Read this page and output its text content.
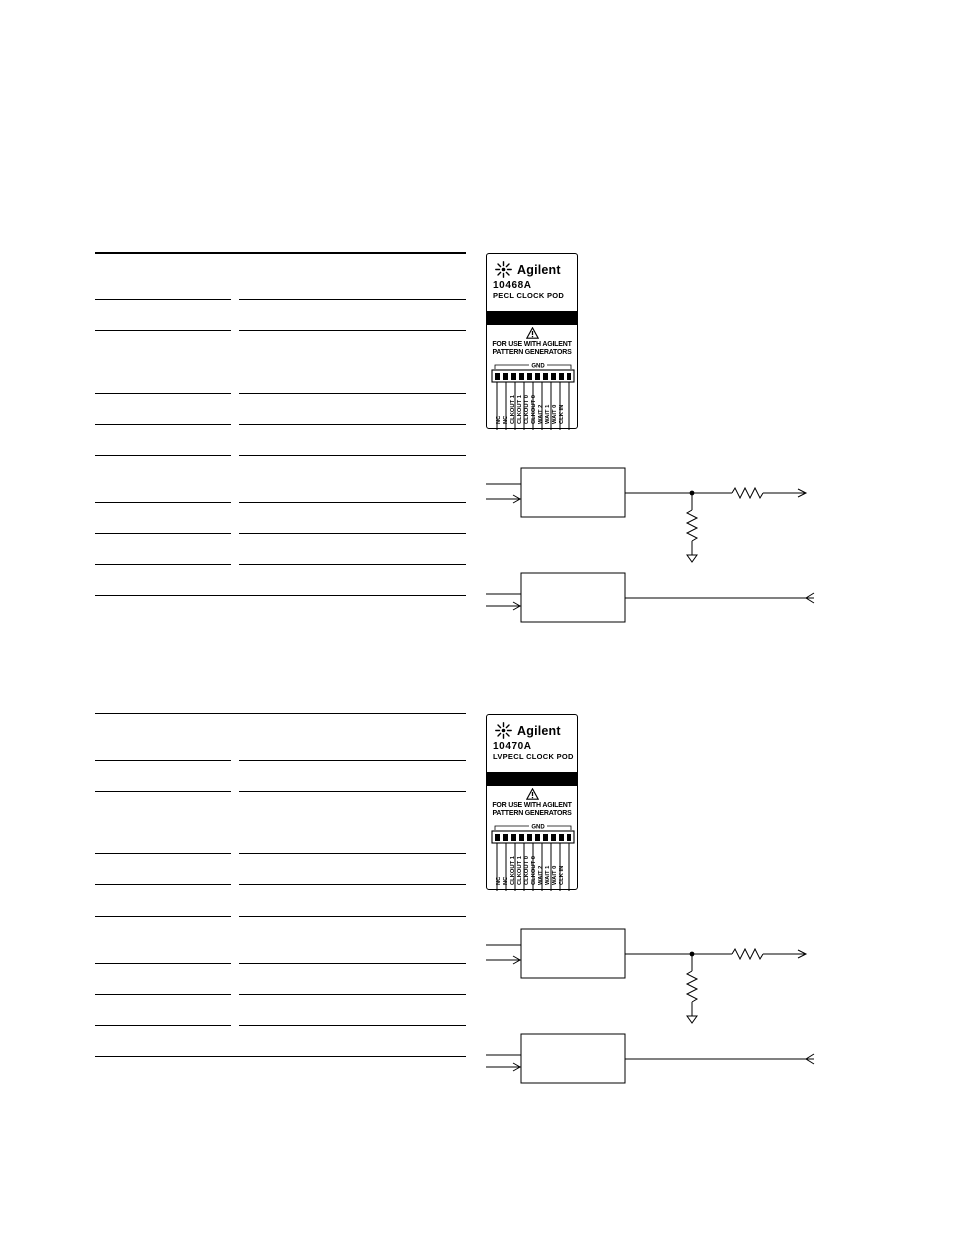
Agilent
10468A
PECL CLOCK POD
FOR USE WITH AGILENT
PATTERN GENERATORS
GND
NC NC CLKOUT 1 CLKOUT 1 CLKOUT 0 CLKOUT 0 WAIT 2 WAIT 1 WAIT 0 CLK IN
Agilent
10470A
LVPECL CLOCK POD
FOR USE WITH AGILENT
PATTERN GENERATORS
GND
NC NC CLKOUT 1 CLKOUT 1 CLKOUT 0 CLKOUT 0 WAIT 2 WAIT 1 WAIT 0 CLK IN
